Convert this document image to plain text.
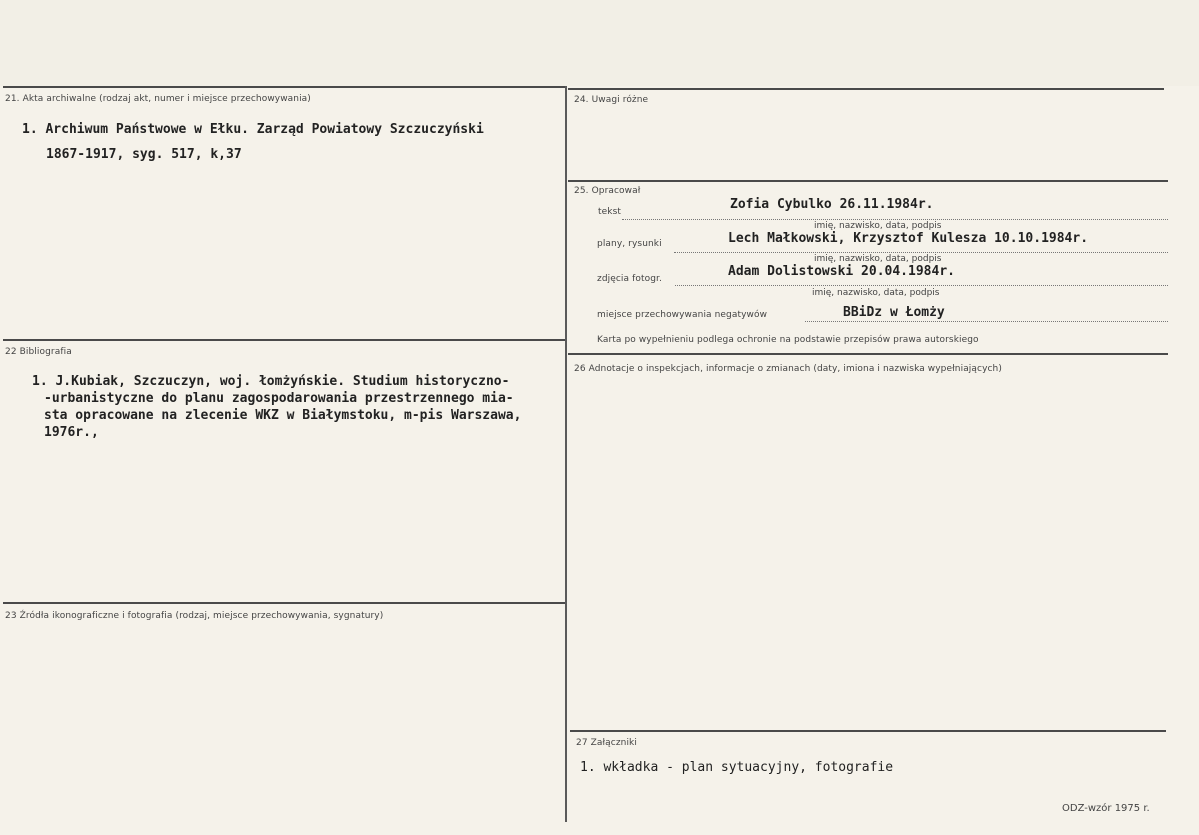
21. Akta archiwalne (rodzaj akt, numer i miejsce przechowywania)
1. Archiwum Państwowe w Ełku. Zarząd Powiatowy Szczuczyński
1867-1917, syg. 517, k,37
22 Bibliografia
1. J.Kubiak, Szczuczyn, woj. łomżyńskie. Studium historyczno-
-urbanistyczne do planu zagospodarowania przestrzennego mia-
sta opracowane na zlecenie WKZ w Białymstoku, m-pis Warszawa,
1976r.,
23 Źródła ikonograficzne i fotografia (rodzaj, miejsce przechowywania, sygnatury)
24. Uwagi różne
25. Opracował
tekst	Zofia Cybulko 26.11.1984r.
imię, nazwisko, data, podpis
plany, rysunki	Lech Małkowski, Krzysztof Kulesza 10.10.1984r.
imię, nazwisko, data, podpis
zdjęcia fotogr.	Adam Dolistowski 20.04.1984r.
imię, nazwisko, data, podpis
miejsce przechowywania negatywów	BBiDz w Łomży
Karta po wypełnieniu podlega ochronie na podstawie przepisów prawa autorskiego
26 Adnotacje o inspekcjach, informacje o zmianach (daty, imiona i nazwiska wypełniających)
27 Załączniki
1. wkładka - plan sytuacyjny, fotografie
ODZ-wzór 1975 r.
